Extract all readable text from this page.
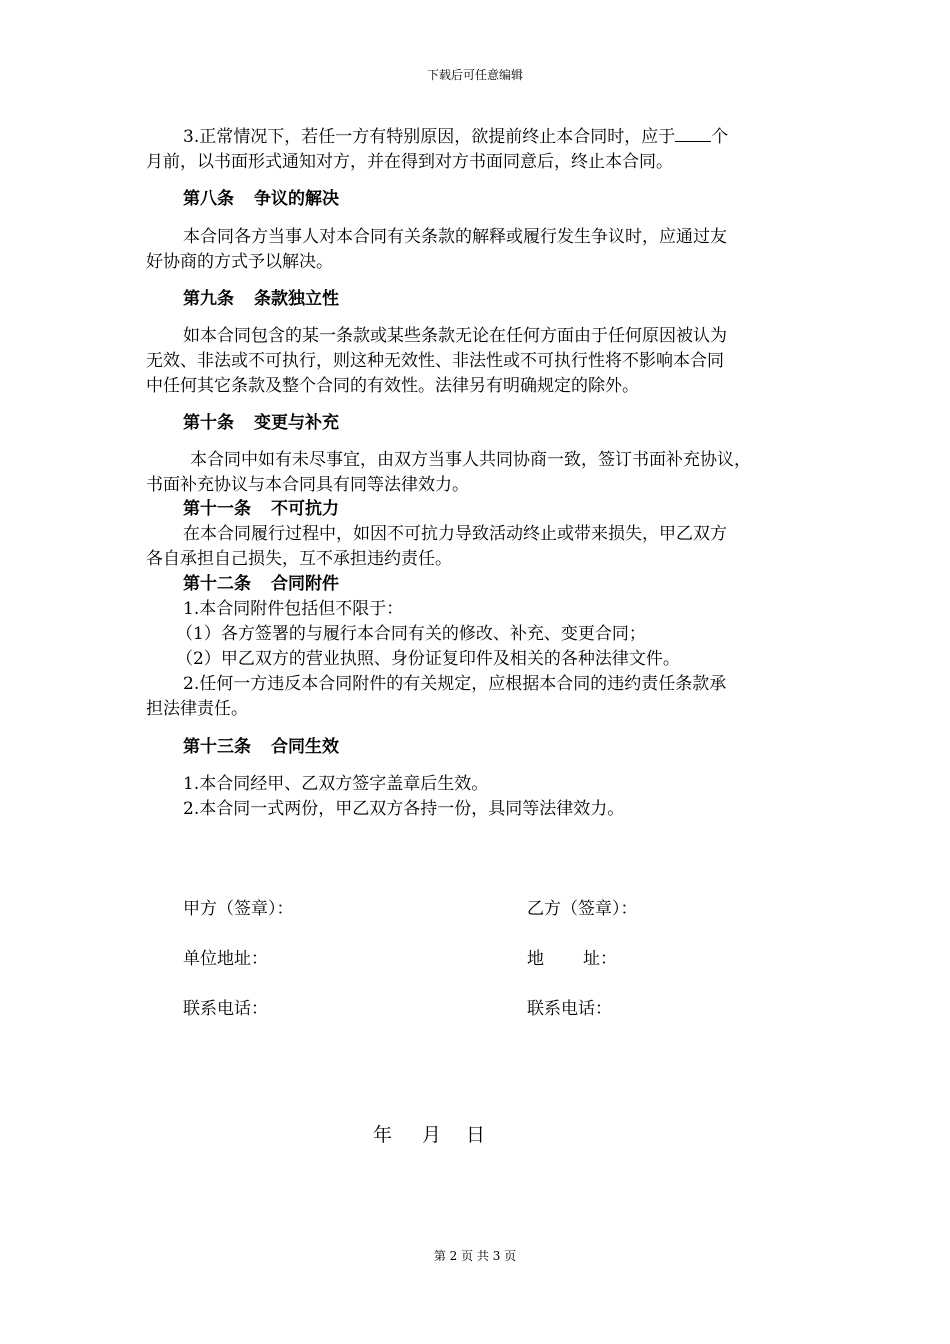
下载后可任意编辑
3.正常情况下，若任一方有特别原因，欲提前终止本合同时，应于 个
月前，以书面形式通知对方，并在得到对方书面同意后，终止本合同。
第八条 争议的解决
本合同各方当事人对本合同有关条款的解释或履行发生争议时，应通过友
好协商的方式予以解决。
第九条 条款独立性
如本合同包含的某一条款或某些条款无论在任何方面由于任何原因被认为
无效、非法或不可执行，则这种无效性、非法性或不可执行性将不影响本合同
中任何其它条款及整个合同的有效性。法律另有明确规定的除外。
第十条 变更与补充
本合同中如有未尽事宜，由双方当事人共同协商一致，签订书面补充协议，
书面补充协议与本合同具有同等法律效力。
第十一条 不可抗力
在本合同履行过程中，如因不可抗力导致活动终止或带来损失，甲乙双方
各自承担自己损失，互不承担违约责任。
第十二条 合同附件
1.本合同附件包括但不限于：
（1）各方签署的与履行本合同有关的修改、补充、变更合同；
（2）甲乙双方的营业执照、身份证复印件及相关的各种法律文件。
2.任何一方违反本合同附件的有关规定，应根据本合同的违约责任条款承
担法律责任。
第十三条 合同生效
1.本合同经甲、乙双方签字盖章后生效。
2.本合同一式两份，甲乙双方各持一份，具同等法律效力。
甲方（签章）：	乙方（签章）：
单位地址：	地 址：
联系电话：	联系电话：
年 月 日
第 2 页 共 3 页
